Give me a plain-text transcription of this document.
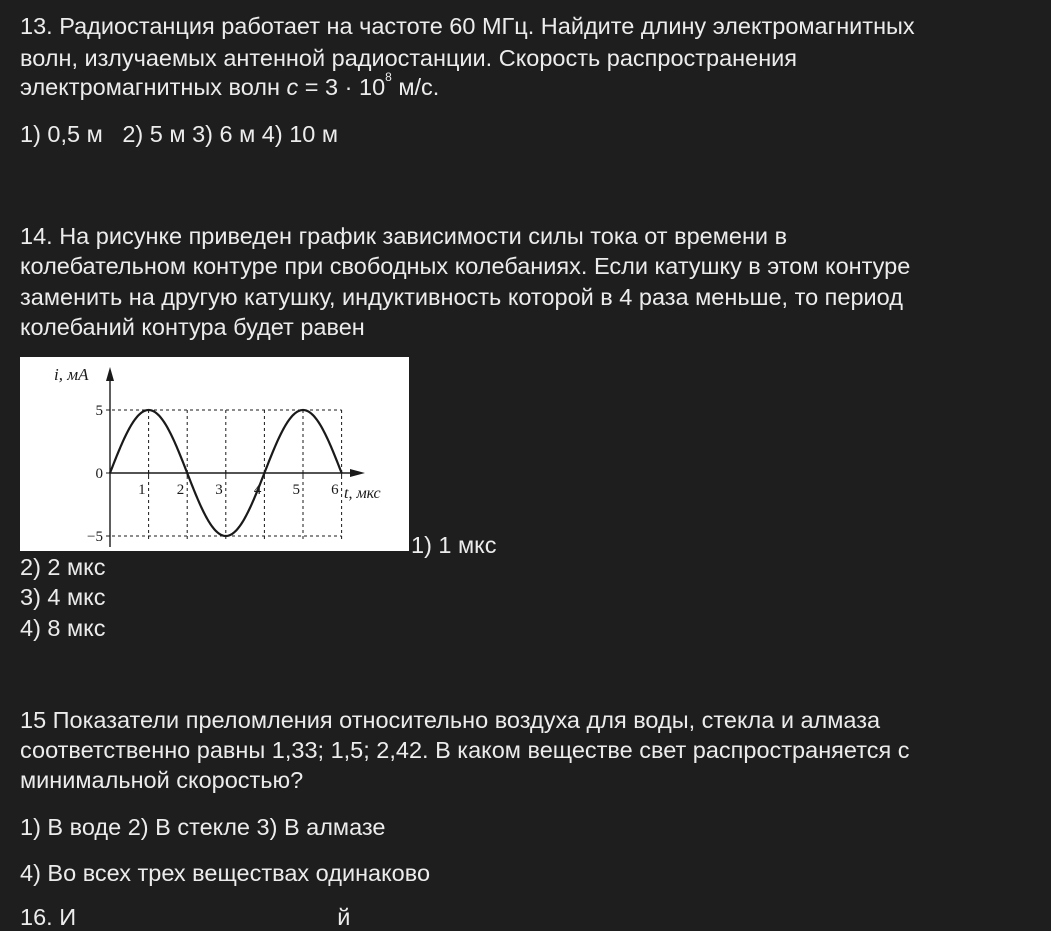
13. Радиостанция работает на частоте 60 МГц. Найдите длину электромагнитных
волн, излучаемых антенной радиостанции. Скорость распространения
электромагнитных волн $c = 3 \cdot 10^8$ м/с.
1) 0,5 м   2) 5 м 3) 6 м 4) 10 м
14. На рисунке приведен график зависимости силы тока от времени в
колебательном контуре при свободных колебаниях. Если катушку в этом контуре
заменить на другую катушку, индуктивность которой в 4 раза меньше, то период
колебаний контура будет равен
5
0
−5
1 2 3 4 5 6
i, мА
t, мкс
1) 1 мкс
2) 2 мкс
3) 4 мкс
4) 8 мкс
15 Показатели преломления относительно воздуха для воды, стекла и алмаза
соответственно равны 1,33; 1,5; 2,42. В каком веществе свет распространяется с
минимальной скоростью?
1) В воде 2) В стекле 3) В алмазе
4) Во всех трех веществах одинаково
16. И                                        й
